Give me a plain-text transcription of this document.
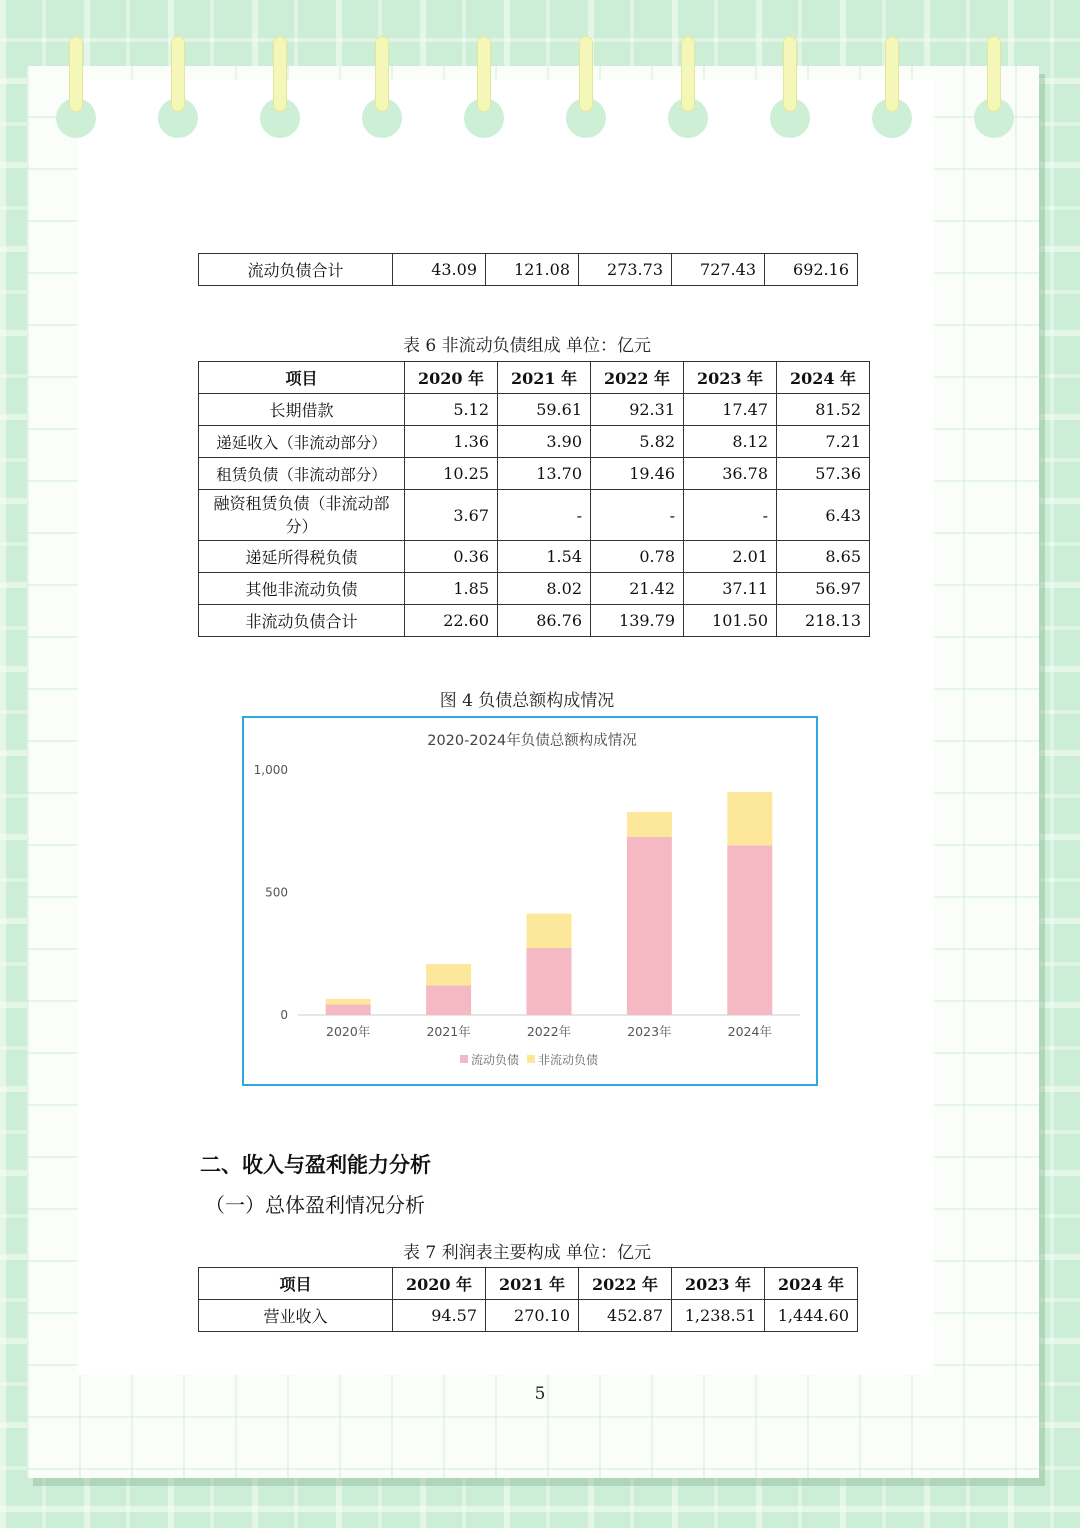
流动负债合计	43.09	121.08	273.73	727.43	692.16
表 6 非流动负债组成 单位：亿元
项目	2020 年	2021 年	2022 年	2023 年	2024 年
长期借款	5.12	59.61	92.31	17.47	81.52
递延收入（非流动部分）	1.36	3.90	5.82	8.12	7.21
租赁负债（非流动部分）	10.25	13.70	19.46	36.78	57.36
融资租赁负债（非流动部分）	3.67	-	-	-	6.43
递延所得税负债	0.36	1.54	0.78	2.01	8.65
其他非流动负债	1.85	8.02	21.42	37.11	56.97
非流动负债合计	22.60	86.76	139.79	101.50	218.13
图 4 负债总额构成情况
2020-2024年负债总额构成情况
0
500
1,000
2020年	2021年	2022年	2023年	2024年
流动负债 非流动负债
二、收入与盈利能力分析
（一）总体盈利情况分析
表 7 利润表主要构成 单位：亿元
项目	2020 年	2021 年	2022 年	2023 年	2024 年
营业收入	94.57	270.10	452.87	1,238.51	1,444.60
5
